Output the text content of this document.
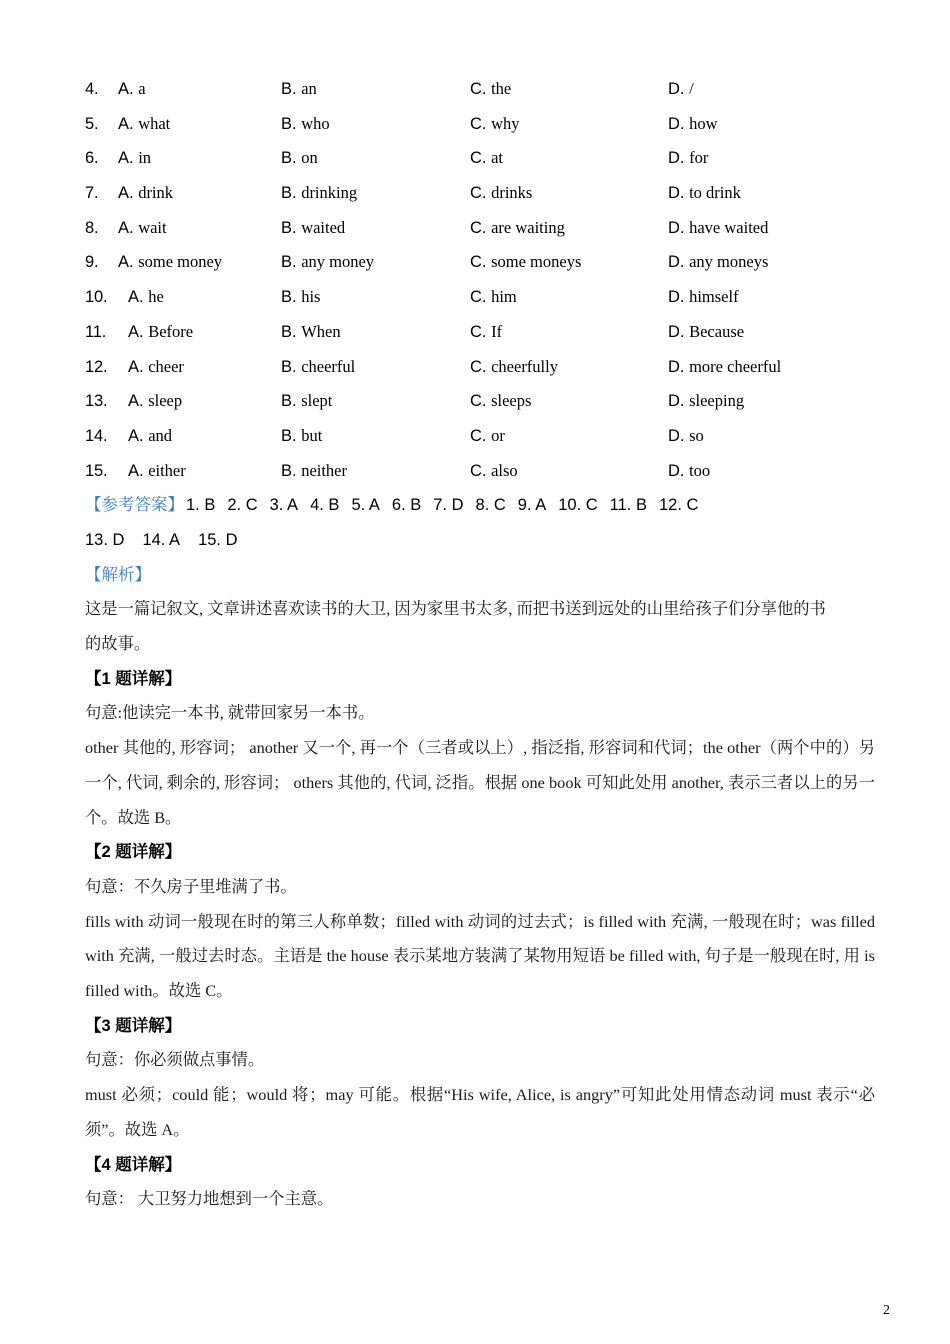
4. A. a	B. an	C. the	D. /
5. A. what	B. who	C. why	D. how
6. A. in	B. on	C. at	D. for
7. A. drink	B. drinking	C. drinks	D. to drink
8. A. wait	B. waited	C. are waiting	D. have waited
9. A. some money	B. any money	C. some moneys	D. any moneys
10. A. he	B. his	C. him	D. himself
11. A. Before	B. When	C. If	D. Because
12. A. cheer	B. cheerful	C. cheerfully	D. more cheerful
13. A. sleep	B. slept	C. sleeps	D. sleeping
14. A. and	B. but	C. or	D. so
15. A. either	B. neither	C. also	D. too
【参考答案】 1. B 2. C 3. A 4. B 5. A 6. B 7. D 8. C 9. A 10. C 11. B 12. C
13. D 14. A 15. D
【解析】
这是一篇记叙文, 文章讲述喜欢读书的大卫, 因为家里书太多, 而把书送到远处的山里给孩子们分享他的书
的故事。
【1 题详解】
句意:他读完一本书, 就带回家另一本书。
other 其他的, 形容词； another 又一个, 再一个（三者或以上）, 指泛指, 形容词和代词；the other（两个中的）另一个, 代词, 剩余的, 形容词； others 其他的, 代词, 泛指。根据 one book 可知此处用 another, 表示三者以上的另一个。故选 B。
【2 题详解】
句意：不久房子里堆满了书。
fills with 动词一般现在时的第三人称单数；filled with 动词的过去式；is filled with 充满, 一般现在时；was filled with 充满, 一般过去时态。主语是 the house 表示某地方装满了某物用短语 be filled with, 句子是一般现在时, 用 is filled with。故选 C。
【3 题详解】
句意：你必须做点事情。
must 必须；could 能；would 将；may 可能。根据“His wife, Alice, is angry”可知此处用情态动词 must 表示“必须”。故选 A。
【4 题详解】
句意： 大卫努力地想到一个主意。
2
